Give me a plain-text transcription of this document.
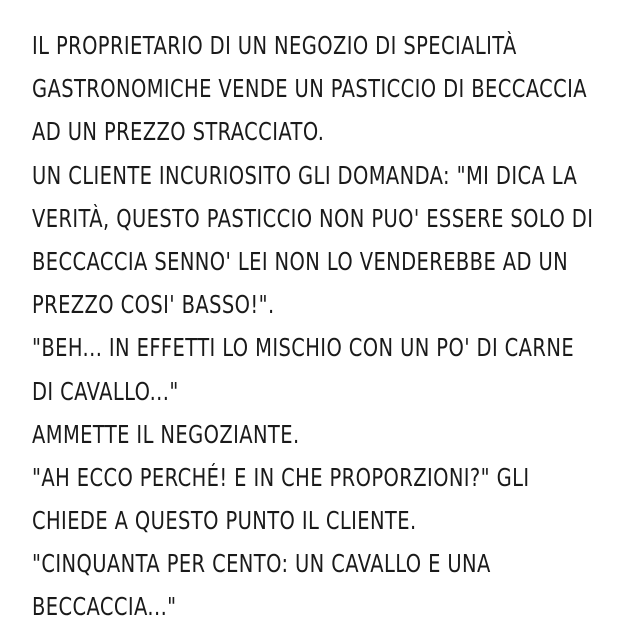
IL PROPRIETARIO DI UN NEGOZIO DI SPECIALITÀ
GASTRONOMICHE VENDE UN PASTICCIO DI BECCACCIA
AD UN PREZZO STRACCIATO.
UN CLIENTE INCURIOSITO GLI DOMANDA: "MI DICA LA
VERITÀ, QUESTO PASTICCIO NON PUO' ESSERE SOLO DI
BECCACCIA SENNO' LEI NON LO VENDEREBBE AD UN
PREZZO COSI' BASSO!".
"BEH... IN EFFETTI LO MISCHIO CON UN PO' DI CARNE
DI CAVALLO..."
AMMETTE IL NEGOZIANTE.
"AH ECCO PERCHÉ! E IN CHE PROPORZIONI?" GLI
CHIEDE A QUESTO PUNTO IL CLIENTE.
"CINQUANTA PER CENTO: UN CAVALLO E UNA
BECCACCIA..."
